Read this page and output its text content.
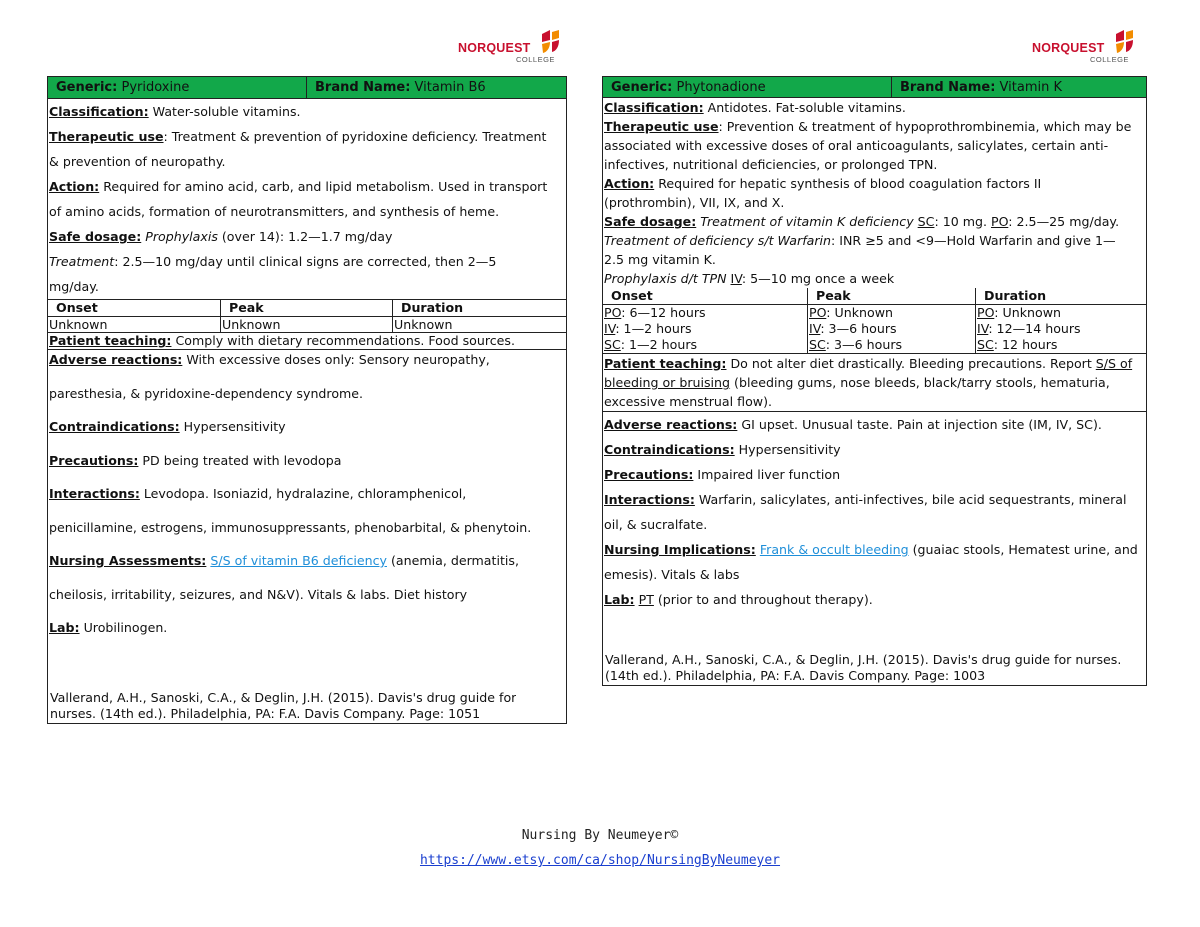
NORQUEST
COLLEGE
NORQUEST
COLLEGE
Generic: Pyridoxine	Brand Name: Vitamin B6
Classification: Water-soluble vitamins.
Therapeutic use: Treatment & prevention of pyridoxine deficiency. Treatment
& prevention of neuropathy.
Action: Required for amino acid, carb, and lipid metabolism. Used in transport
of amino acids, formation of neurotransmitters, and synthesis of heme.
Safe dosage: Prophylaxis (over 14): 1.2—1.7 mg/day
Treatment: 2.5—10 mg/day until clinical signs are corrected, then 2—5
mg/day.
Onset	Peak	Duration
Unknown	Unknown	Unknown
Patient teaching: Comply with dietary recommendations. Food sources.
Adverse reactions: With excessive doses only: Sensory neuropathy,
paresthesia, & pyridoxine-dependency syndrome.
Contraindications: Hypersensitivity
Precautions: PD being treated with levodopa
Interactions: Levodopa. Isoniazid, hydralazine, chloramphenicol,
penicillamine, estrogens, immunosuppressants, phenobarbital, & phenytoin.
Nursing Assessments: S/S of vitamin B6 deficiency (anemia, dermatitis,
cheilosis, irritability, seizures, and N&V). Vitals & labs. Diet history
Lab: Urobilinogen.
Vallerand, A.H., Sanoski, C.A., & Deglin, J.H. (2015). Davis's drug guide for
nurses. (14th ed.). Philadelphia, PA: F.A. Davis Company. Page: 1051
Generic: Phytonadione	Brand Name: Vitamin K
Classification: Antidotes. Fat-soluble vitamins.
Therapeutic use: Prevention & treatment of hypoprothrombinemia, which may be
associated with excessive doses of oral anticoagulants, salicylates, certain anti-
infectives, nutritional deficiencies, or prolonged TPN.
Action: Required for hepatic synthesis of blood coagulation factors II
(prothrombin), VII, IX, and X.
Safe dosage: Treatment of vitamin K deficiency SC: 10 mg. PO: 2.5—25 mg/day.
Treatment of deficiency s/t Warfarin: INR ≥5 and <9—Hold Warfarin and give 1—
2.5 mg vitamin K.
Prophylaxis d/t TPN IV: 5—10 mg once a week
Onset	Peak	Duration
PO: 6—12 hours	PO: Unknown	PO: Unknown
IV: 1—2 hours	IV: 3—6 hours	IV: 12—14 hours
SC: 1—2 hours	SC: 3—6 hours	SC: 12 hours
Patient teaching: Do not alter diet drastically. Bleeding precautions. Report S/S of
bleeding or bruising (bleeding gums, nose bleeds, black/tarry stools, hematuria,
excessive menstrual flow).
Adverse reactions: GI upset. Unusual taste. Pain at injection site (IM, IV, SC).
Contraindications: Hypersensitivity
Precautions: Impaired liver function
Interactions: Warfarin, salicylates, anti-infectives, bile acid sequestrants, mineral
oil, & sucralfate.
Nursing Implications: Frank & occult bleeding (guaiac stools, Hematest urine, and
emesis). Vitals & labs
Lab: PT (prior to and throughout therapy).
Vallerand, A.H., Sanoski, C.A., & Deglin, J.H. (2015). Davis's drug guide for nurses.
(14th ed.). Philadelphia, PA: F.A. Davis Company. Page: 1003
Nursing By Neumeyer©
https://www.etsy.com/ca/shop/NursingByNeumeyer
